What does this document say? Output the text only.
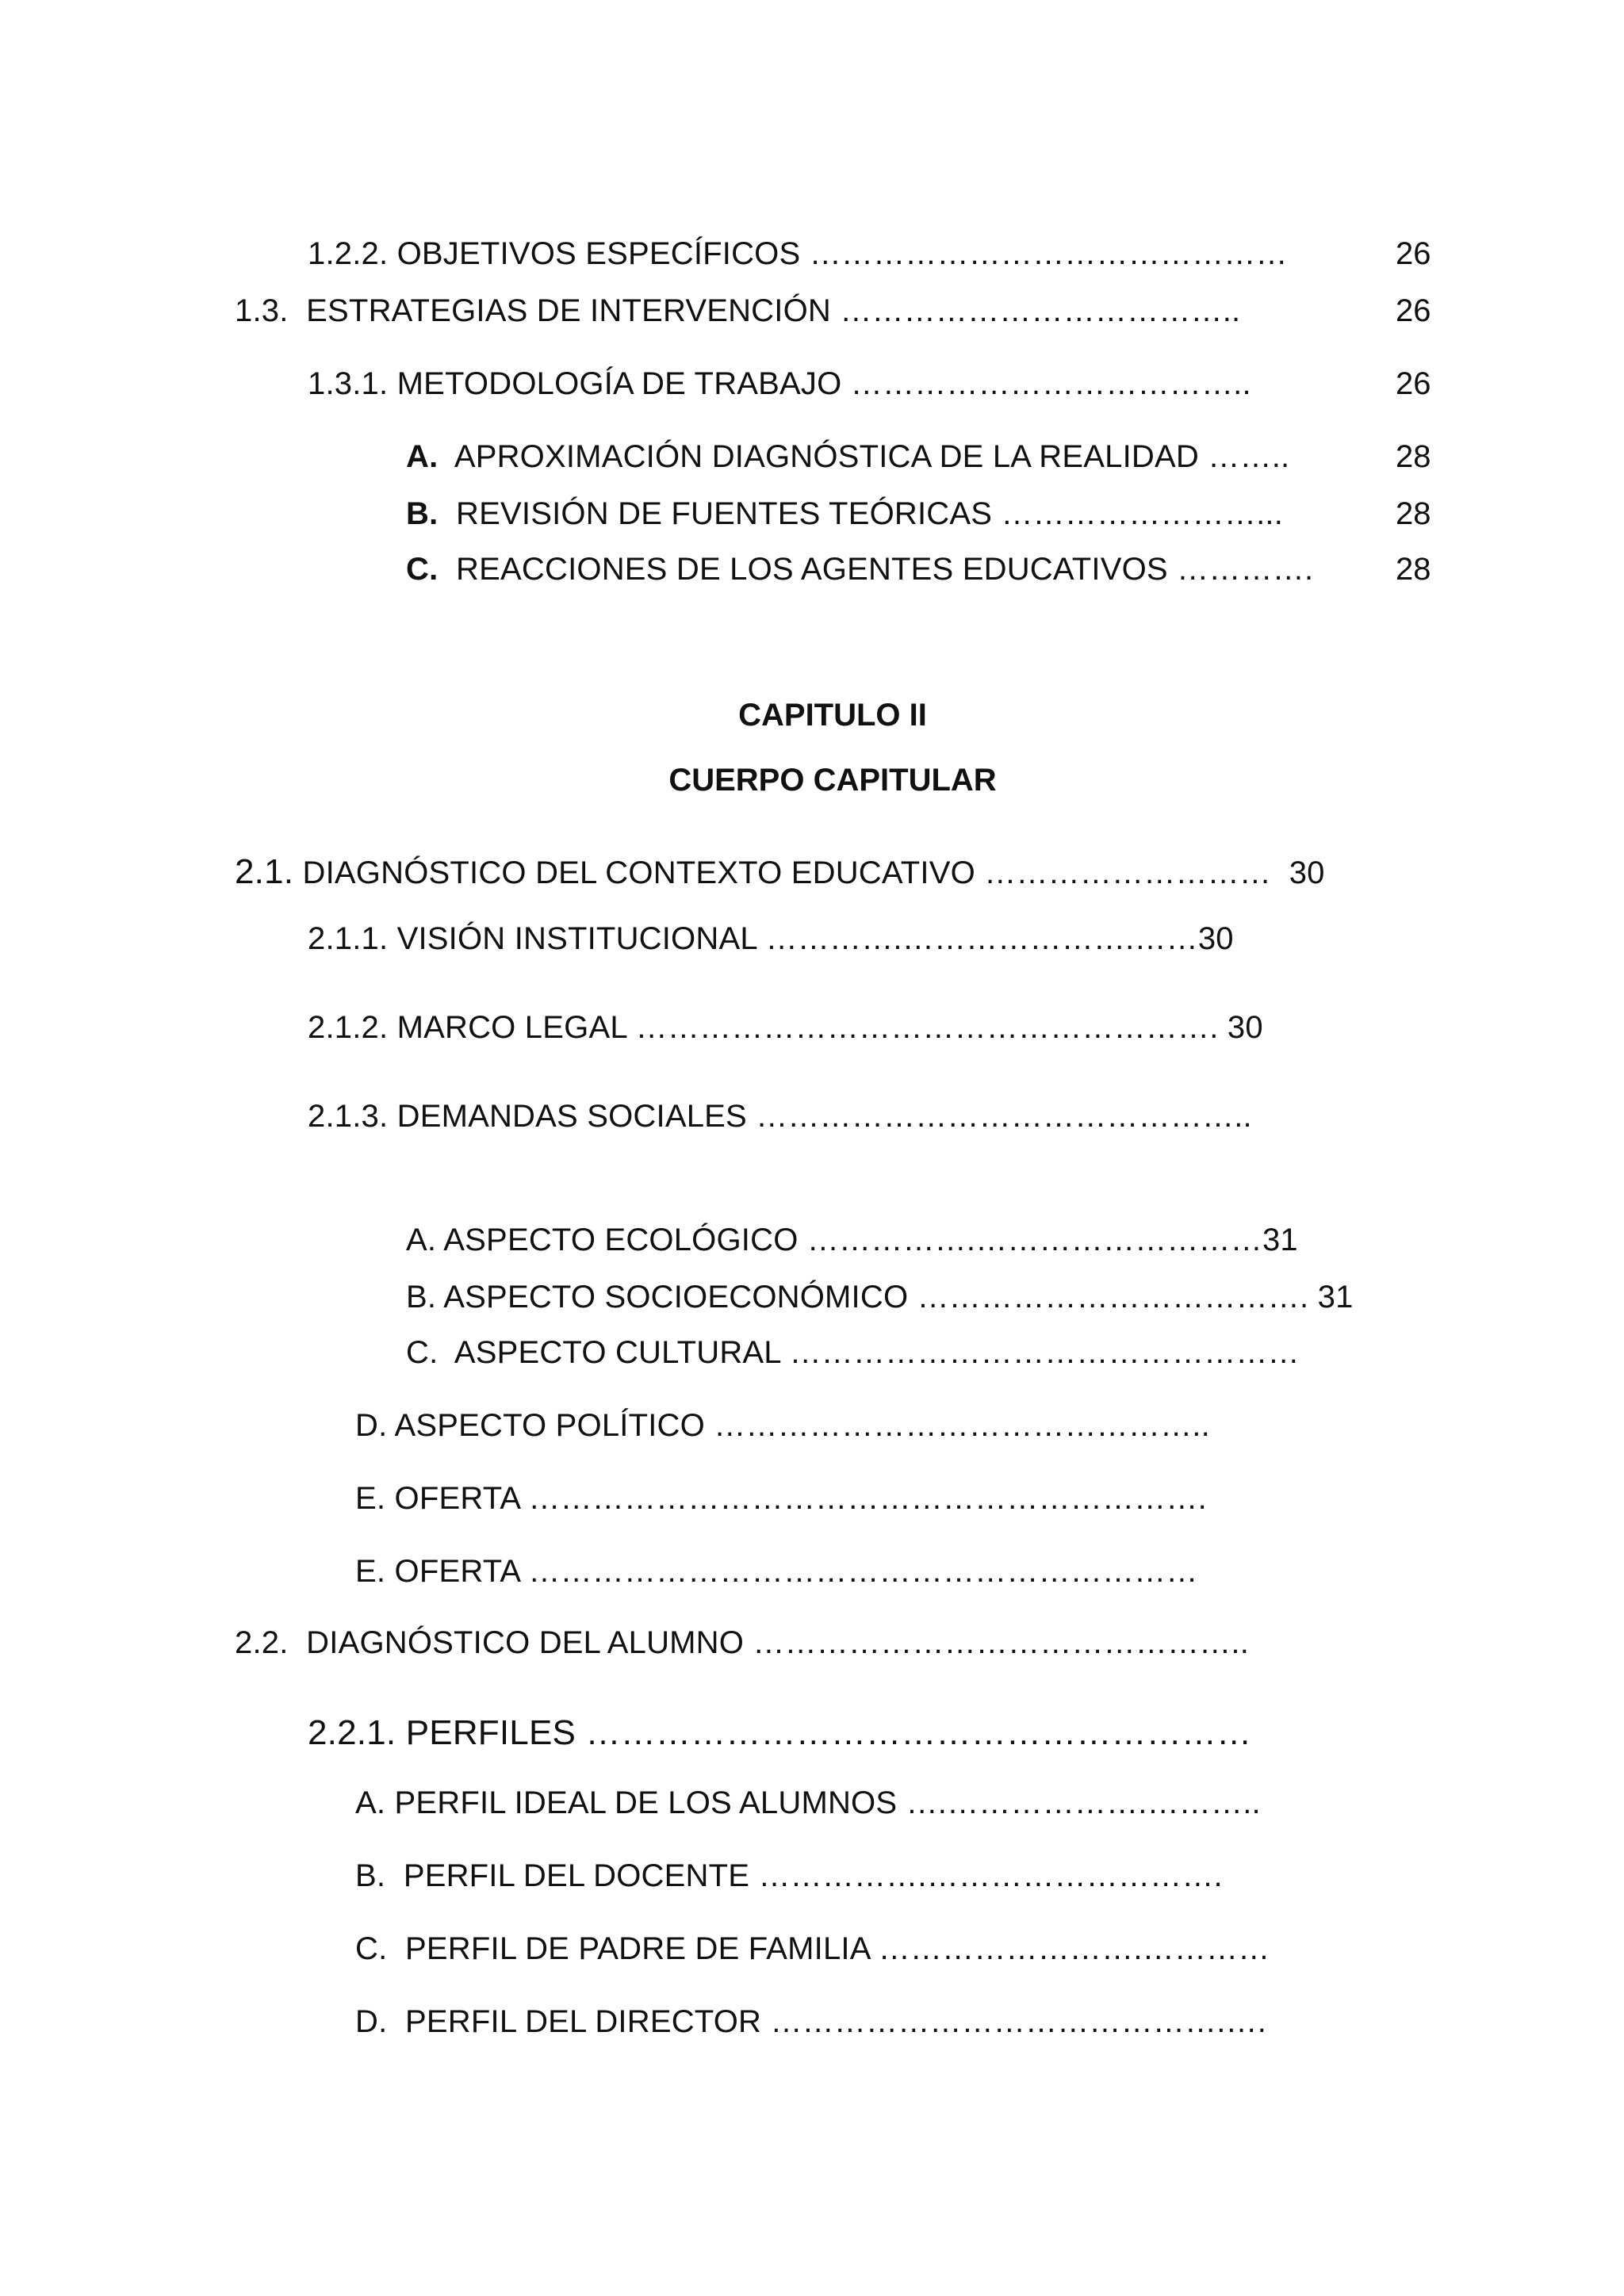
1.2.2. OBJETIVOS ESPECÍFICOS ………………………………………	26
1.3. ESTRATEGIAS DE INTERVENCIÓN ………………………………..	26
1.3.1. METODOLOGÍA DE TRABAJO ………………………………..	26
A. APROXIMACIÓN DIAGNÓSTICA DE LA REALIDAD ……..	28
B. REVISIÓN DE FUENTES TEÓRICAS ……………………...	28
C. REACCIONES DE LOS AGENTES EDUCATIVOS ………….	28
CAPITULO II
CUERPO CAPITULAR
2.1. DIAGNÓSTICO DEL CONTEXTO EDUCATIVO ……………………… 30
2.1.1. VISIÓN INSTITUCIONAL ………….………………….……30
2.1.2. MARCO LEGAL ………………………………………………. 30
2.1.3. DEMANDAS SOCIALES ………………………………………..
A. ASPECTO ECOLÓGICO …………….………………………31
B. ASPECTO SOCIOECONÓMICO ………………………………. 31
C.  ASPECTO CULTURAL …………………………………………
D. ASPECTO POLÍTICO ………………………………………..
E. OFERTA ……………………………………………………….
E. OFERTA ………………………………………………………
2.2. DIAGNÓSTICO DEL ALUMNO ………………………………………..
2.2.1. PERFILES …………………………………………………
A. PERFIL IDEAL DE LOS ALUMNOS ….……………….………..
B.  PERFIL DEL DOCENTE …………….……………………….
C.  PERFIL DE PADRE DE FAMILIA …………………….…………
D.  PERFIL DEL DIRECTOR …………………………………….….
